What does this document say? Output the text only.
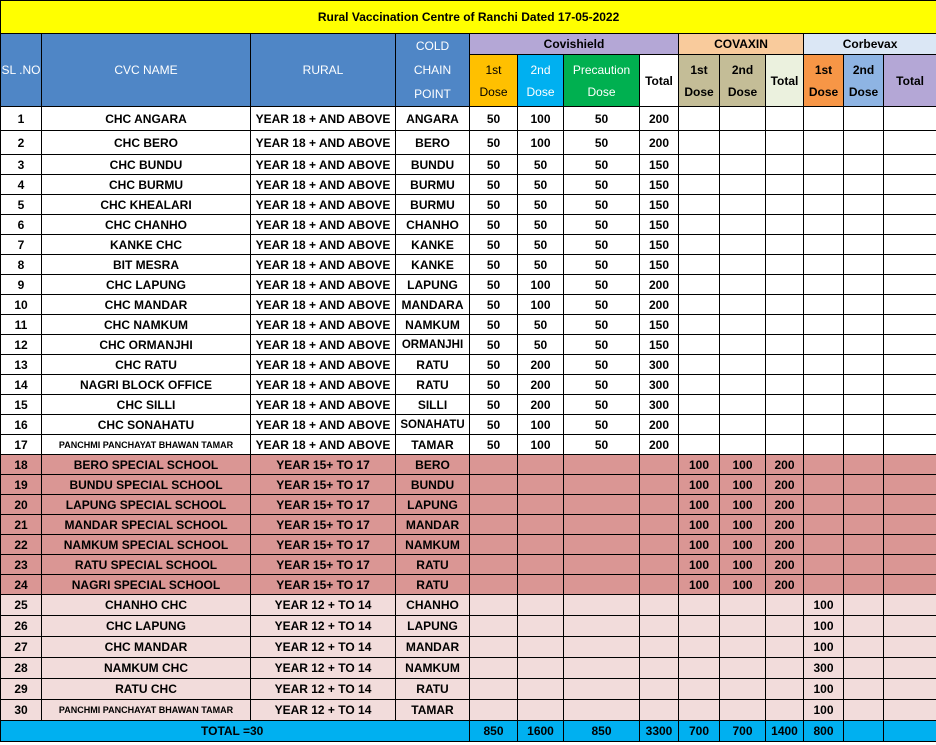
Rural Vaccination Centre of Ranchi Dated 17-05-2022													
SL .NO	CVC NAME	RURAL	COLD CHAIN POINT	Covishield				COVAXIN			Corbevax		
				1st Dose	2nd Dose	Precaution Dose	Total	1st Dose	2nd Dose	Total	1st Dose	2nd Dose	Total
1	CHC ANGARA	YEAR 18 + AND ABOVE	ANGARA	50	100	50	200						
2	CHC BERO	YEAR 18 + AND ABOVE	BERO	50	100	50	200						
3	CHC BUNDU	YEAR 18 + AND ABOVE	BUNDU	50	50	50	150						
4	CHC BURMU	YEAR 18 + AND ABOVE	BURMU	50	50	50	150						
5	CHC KHEALARI	YEAR 18 + AND ABOVE	BURMU	50	50	50	150						
6	CHC CHANHO	YEAR 18 + AND ABOVE	CHANHO	50	50	50	150						
7	KANKE CHC	YEAR 18 + AND ABOVE	KANKE	50	50	50	150						
8	BIT MESRA	YEAR 18 + AND ABOVE	KANKE	50	50	50	150						
9	CHC LAPUNG	YEAR 18 + AND ABOVE	LAPUNG	50	100	50	200						
10	CHC MANDAR	YEAR 18 + AND ABOVE	MANDARA	50	100	50	200						
11	CHC NAMKUM	YEAR 18 + AND ABOVE	NAMKUM	50	50	50	150						
12	CHC ORMANJHI	YEAR 18 + AND ABOVE	ORMANJHI	50	50	50	150						
13	CHC RATU	YEAR 18 + AND ABOVE	RATU	50	200	50	300						
14	NAGRI BLOCK OFFICE	YEAR 18 + AND ABOVE	RATU	50	200	50	300						
15	CHC SILLI	YEAR 18 + AND ABOVE	SILLI	50	200	50	300						
16	CHC SONAHATU	YEAR 18 + AND ABOVE	SONAHATU	50	100	50	200						
17	PANCHMI PANCHAYAT BHAWAN TAMAR	YEAR 18 + AND ABOVE	TAMAR	50	100	50	200						
18	BERO SPECIAL SCHOOL	YEAR 15+ TO 17	BERO					100	100	200			
19	BUNDU SPECIAL SCHOOL	YEAR 15+ TO 17	BUNDU					100	100	200			
20	LAPUNG SPECIAL SCHOOL	YEAR 15+ TO 17	LAPUNG					100	100	200			
21	MANDAR SPECIAL SCHOOL	YEAR 15+ TO 17	MANDAR					100	100	200			
22	NAMKUM SPECIAL SCHOOL	YEAR 15+ TO 17	NAMKUM					100	100	200			
23	RATU SPECIAL SCHOOL	YEAR 15+ TO 17	RATU					100	100	200			
24	NAGRI SPECIAL SCHOOL	YEAR 15+ TO 17	RATU					100	100	200			
25	CHANHO CHC	YEAR 12 + TO 14	CHANHO								100		
26	CHC LAPUNG	YEAR 12 + TO 14	LAPUNG								100		
27	CHC MANDAR	YEAR 12 + TO 14	MANDAR								100		
28	NAMKUM CHC	YEAR 12 + TO 14	NAMKUM								300		
29	RATU CHC	YEAR 12 + TO 14	RATU								100		
30	PANCHMI PANCHAYAT BHAWAN TAMAR	YEAR 12 + TO 14	TAMAR								100		
TOTAL =30				850	1600	850	3300	700	700	1400	800		
